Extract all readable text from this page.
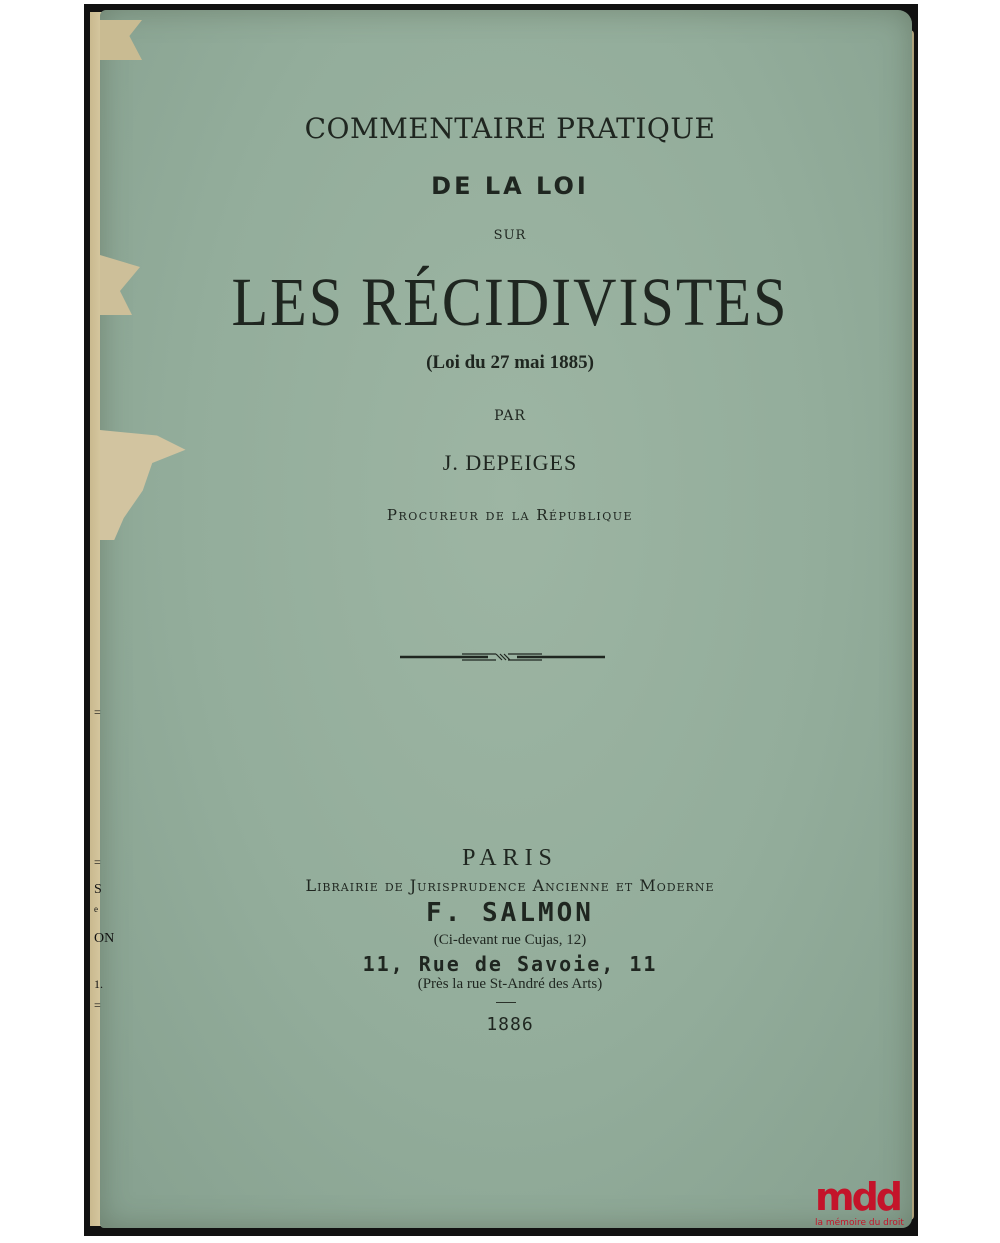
=
=
S
e
ON
1.
=
COMMENTAIRE PRATIQUE
DE LA LOI
SUR
LES RÉCIDIVISTES
(Loi du 27 mai 1885)
PAR
J. DEPEIGES
Procureur de la République
PARIS
Librairie de Jurisprudence Ancienne et Moderne
F. SALMON
(Ci-devant rue Cujas, 12)
11, Rue de Savoie, 11
(Près la rue St-André des Arts)
1886
mdd
la mémoire du droit
